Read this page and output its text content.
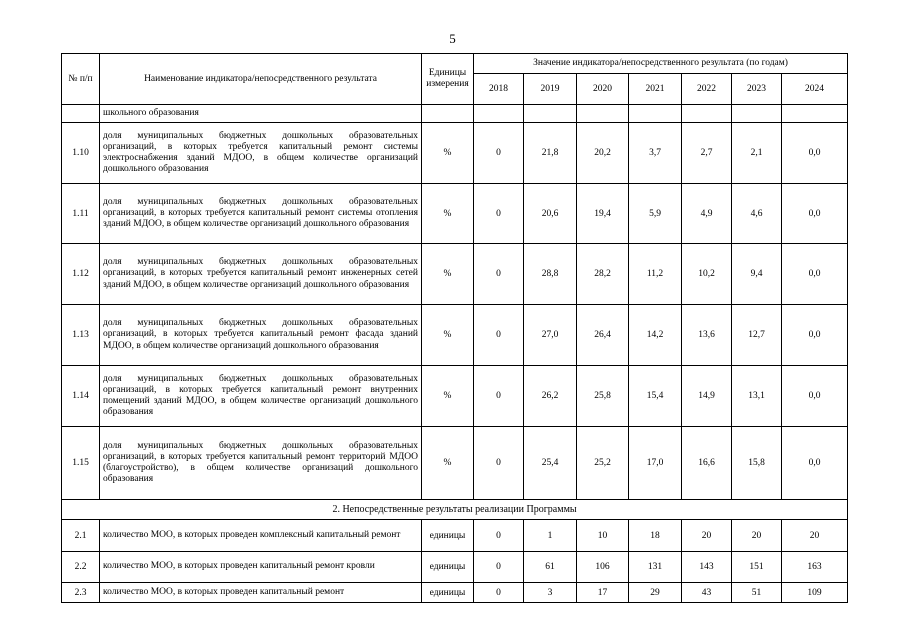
5
№ п/п	Наименование индикатора/непосредственного результата	Единицы измерения	Значение индикатора/непосредственного результата (по годам)						
			2018	2019	2020	2021	2022	2023	2024
	школьного образования								
1.10	доля муниципальных бюджетных дошкольных образовательных организаций, в которых требуется капитальный ремонт системы электроснабжения зданий МДОО, в общем количестве организаций дошкольного образования	%	0	21,8	20,2	3,7	2,7	2,1	0,0
1.11	доля муниципальных бюджетных дошкольных образовательных организаций, в которых требуется капитальный ремонт системы отопления зданий МДОО, в общем количестве организаций дошкольного образования	%	0	20,6	19,4	5,9	4,9	4,6	0,0
1.12	доля муниципальных бюджетных дошкольных образовательных организаций, в которых требуется капитальный ремонт инженерных сетей зданий МДОО, в общем количестве организаций дошкольного образования	%	0	28,8	28,2	11,2	10,2	9,4	0,0
1.13	доля муниципальных бюджетных дошкольных образовательных организаций, в которых требуется капитальный ремонт фасада зданий МДОО, в общем количестве организаций дошкольного образования	%	0	27,0	26,4	14,2	13,6	12,7	0,0
1.14	доля муниципальных бюджетных дошкольных образовательных организаций, в которых требуется капитальный ремонт внутренних помещений зданий МДОО, в общем количестве организаций дошкольного образования	%	0	26,2	25,8	15,4	14,9	13,1	0,0
1.15	доля муниципальных бюджетных дошкольных образовательных организаций, в которых требуется капитальный ремонт территорий МДОО (благоустройство), в общем количестве организаций дошкольного образования	%	0	25,4	25,2	17,0	16,6	15,8	0,0
2. Непосредственные результаты реализации Программы									
2.1	количество МОО, в которых проведен комплексный капитальный ремонт	единицы	0	1	10	18	20	20	20
2.2	количество МОО, в которых проведен капитальный ремонт кровли	единицы	0	61	106	131	143	151	163
2.3	количество МОО, в которых проведен капитальный ремонт	единицы	0	3	17	29	43	51	109
